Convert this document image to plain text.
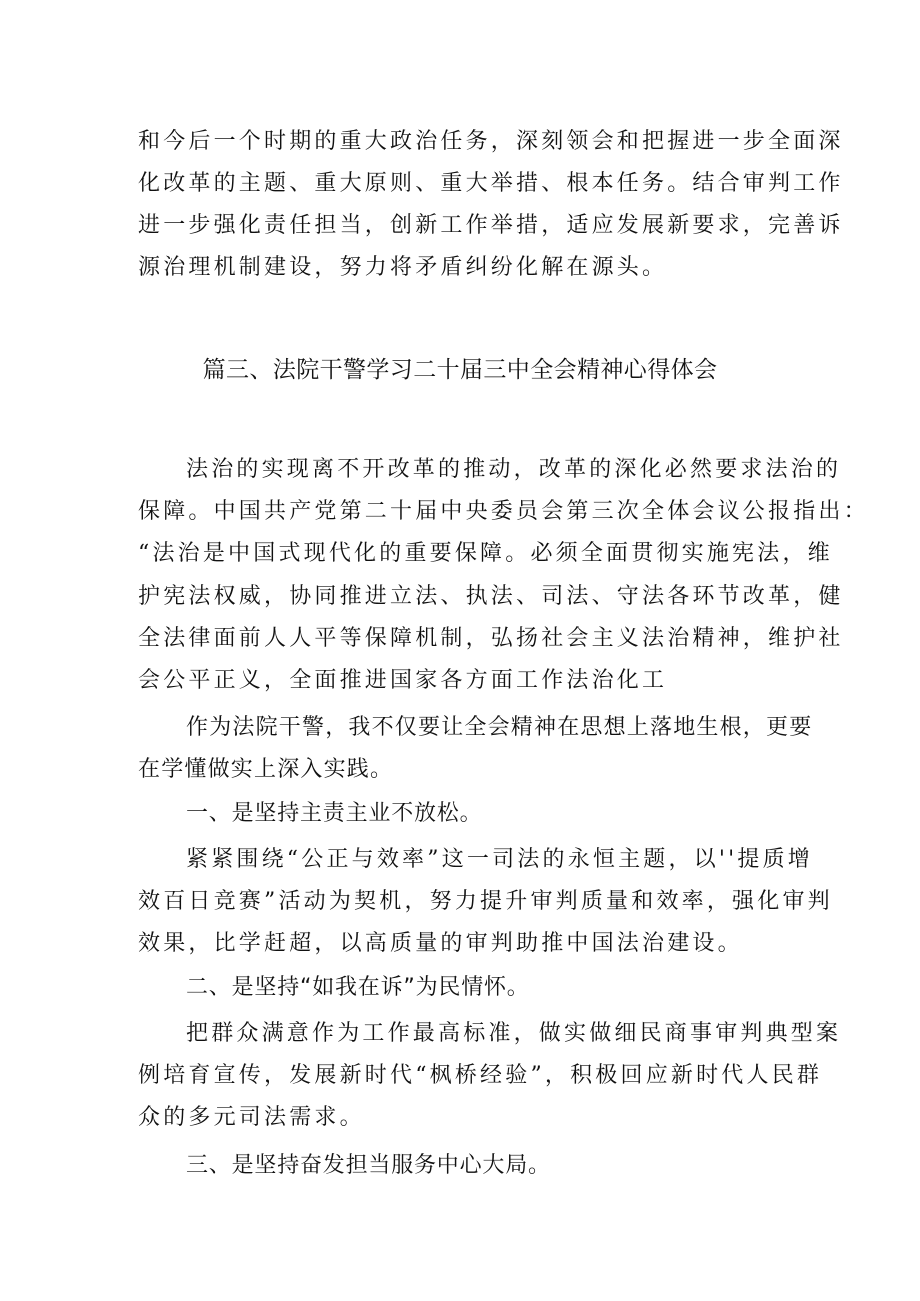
和今后一个时期的重大政治任务，深刻领会和把握进一步全面深
化改革的主题、重大原则、重大举措、根本任务。结合审判工作
进一步强化责任担当，创新工作举措，适应发展新要求，完善诉
源治理机制建设，努力将矛盾纠纷化解在源头。
篇三、法院干警学习二十届三中全会精神心得体会
法治的实现离不开改革的推动，改革的深化必然要求法治的
保障。中国共产党第二十届中央委员会第三次全体会议公报指出：
“法治是中国式现代化的重要保障。必须全面贯彻实施宪法，维
护宪法权威，协同推进立法、执法、司法、守法各环节改革，健
全法律面前人人平等保障机制，弘扬社会主义法治精神，维护社
会公平正义，全面推进国家各方面工作法治化工
作为法院干警，我不仅要让全会精神在思想上落地生根，更要
在学懂做实上深入实践。
一、是坚持主责主业不放松。
紧紧围绕“公正与效率”这一司法的永恒主题，以''提质增
效百日竞赛”活动为契机，努力提升审判质量和效率，强化审判
效果，比学赶超，以高质量的审判助推中国法治建设。
二、是坚持“如我在诉”为民情怀。
把群众满意作为工作最高标准，做实做细民商事审判典型案
例培育宣传，发展新时代“枫桥经验”，积极回应新时代人民群
众的多元司法需求。
三、是坚持奋发担当服务中心大局。
